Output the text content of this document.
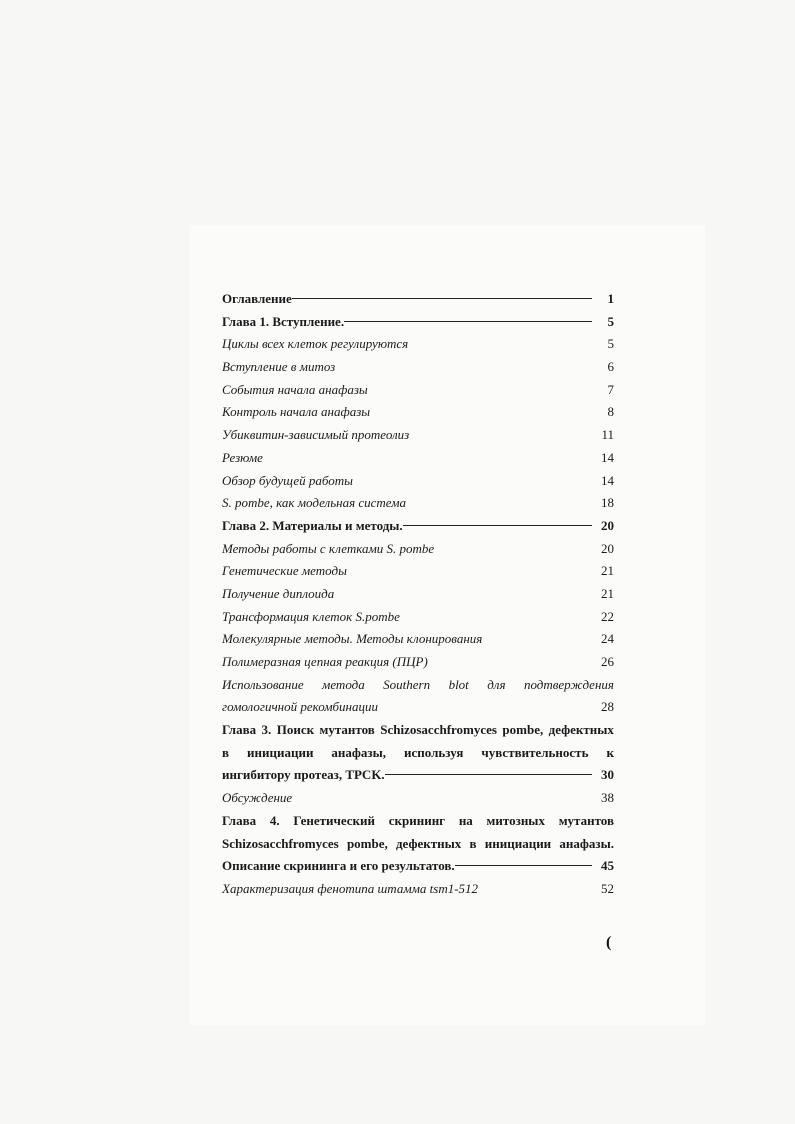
Оглавление	1
Глава 1. Вступление.	5
Циклы всех клеток регулируются	5
Вступление в митоз	6
События начала анафазы	7
Контроль начала анафазы	8
Убиквитин-зависимый протеолиз	11
Резюме	14
Обзор будущей работы	14
S. pombe, как модельная система	18
Глава 2. Материалы и методы.	20
Методы работы с клетками S. pombe	20
Генетические методы	21
Получение диплоида	21
Трансформация клеток S.pombe	22
Молекулярные методы. Методы клонирования	24
Полимеразная цепная реакция (ПЦР)	26
Использование метода Southern blot для подтверждения
гомологичной рекомбинации	28
Глава 3. Поиск мутантов Schizosacchfromyces pombe, дефектных
в инициации анафазы, используя чувствительность к
ингибитору протеаз, TPCK.	30
Обсуждение	38
Глава 4. Генетический скрининг на митозных мутантов
Schizosacchfromyces pombe, дефектных в инициации анафазы.
Описание скрининга и его результатов.	45
Характеризация фенотипа штамма tsm1-512	52
(
